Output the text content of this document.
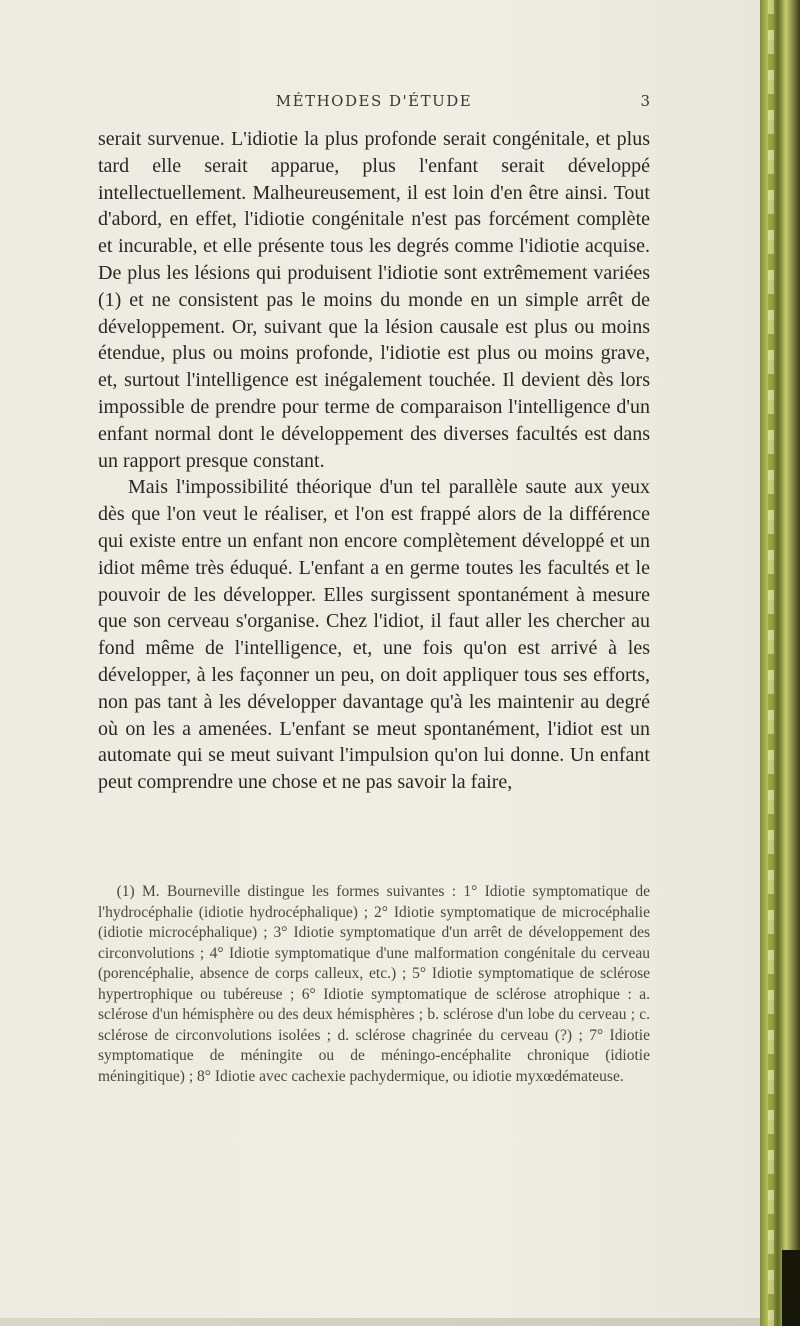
MÉTHODES D'ÉTUDE	3

serait survenue. L'idiotie la plus profonde serait congénitale, et plus tard elle serait apparue, plus l'enfant serait développé intellectuellement. Malheureusement, il est loin d'en être ainsi. Tout d'abord, en effet, l'idiotie congénitale n'est pas forcément complète et incurable, et elle présente tous les degrés comme l'idiotie acquise. De plus les lésions qui produisent l'idiotie sont extrêmement variées (1) et ne consistent pas le moins du monde en un simple arrêt de développement. Or, suivant que la lésion causale est plus ou moins étendue, plus ou moins profonde, l'idiotie est plus ou moins grave, et, surtout l'intelligence est inégalement touchée. Il devient dès lors impossible de prendre pour terme de comparaison l'intelligence d'un enfant normal dont le développement des diverses facultés est dans un rapport presque constant.

Mais l'impossibilité théorique d'un tel parallèle saute aux yeux dès que l'on veut le réaliser, et l'on est frappé alors de la différence qui existe entre un enfant non encore complètement développé et un idiot même très éduqué. L'enfant a en germe toutes les facultés et le pouvoir de les développer. Elles surgissent spontanément à mesure que son cerveau s'organise. Chez l'idiot, il faut aller les chercher au fond même de l'intelligence, et, une fois qu'on est arrivé à les développer, à les façonner un peu, on doit appliquer tous ses efforts, non pas tant à les développer davantage qu'à les maintenir au degré où on les a amenées. L'enfant se meut spontanément, l'idiot est un automate qui se meut suivant l'impulsion qu'on lui donne. Un enfant peut comprendre une chose et ne pas savoir la faire,

(1) M. Bourneville distingue les formes suivantes : 1° Idiotie symptomatique de l'hydrocéphalie (idiotie hydrocéphalique) ; 2° Idiotie symptomatique de microcéphalie (idiotie microcéphalique) ; 3° Idiotie symptomatique d'un arrêt de développement des circonvolutions ; 4° Idiotie symptomatique d'une malformation congénitale du cerveau (porencéphalie, absence de corps calleux, etc.) ; 5° Idiotie symptomatique de sclérose hypertrophique ou tubéreuse ; 6° Idiotie symptomatique de sclérose atrophique : a. sclérose d'un hémisphère ou des deux hémisphères ; b. sclérose d'un lobe du cerveau ; c. sclérose de circonvolutions isolées ; d. sclérose chagrinée du cerveau (?) ; 7° Idiotie symptomatique de méningite ou de méningo-encéphalite chronique (idiotie méningitique) ; 8° Idiotie avec cachexie pachydermique, ou idiotie myxœdémateuse.
